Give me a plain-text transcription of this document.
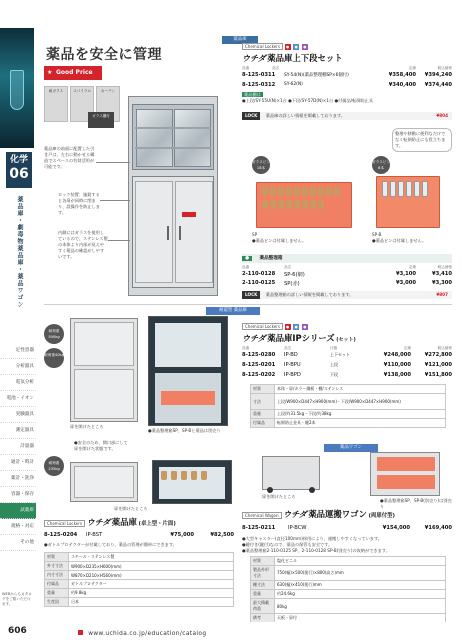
化学
06
薬品庫・劇毒物薬品庫・薬品ワゴン
定性容器
分析器具
電気分析
電池・イオン
実験器具
測定器具
計量器
通計・時計
薬計・洗浄
容器・保存
試薬庫
規格・対応
その他
WEBからもカタログをご覧いただけます。
薬品庫
薬品を安全に管理
★ Good Price
耐ガラス	スパイラル	カーテン
ガラス棚付
薬品庫の前面に配置した引き戸は、左右に動かせる構造でスペースの有効活用が可能です。
ロック装置：施錠すると各扉が同時に閉まり、誤操作を防止します。
内側にはガラスを使用しているので、ステンレス製の本体より内部が見えやすく薬品の確認がしやすいです。
Chemical Lockers ● ● ●
ウチダ 薬品庫上下段セット
品番	品名	定価	税込価格
8-125-0311	SY-54(N)(薬品整理棚SP×6個付)	¥358,400	¥394,240
8-125-0312	SY-62(N)	¥340,400	¥374,440
薬品棚は
●上段/SY-55U(N)×1台 ●下段/SY-57D(N)×1台 ●付属品/転倒防止具
LOCK 薬品庫の詳しい情報を掲載しております。	¥804
ガラスビン18本
ガラスビン6本
整理や移動に便利なだけでなく転倒防止にも役立ちます。
SP
●薬品ビンは付属しません。
SP-B
●薬品ビンは付属しません。
● 薬品整理箱
品番	品名	定価	税込価格
2-110-0128	SP-6(網)	¥3,100	¥3,410
2-110-0125	SP(赤)	¥3,000	¥3,300
LOCK 薬品整理箱の詳しい情報を掲載しております。	¥807
耐震型 薬品庫
耐荷重500kg
耐荷重40kg
扉を開けたところ
●安全のため、開口部にして扉を開けた状態です。
●薬品整理箱SP、SP-Bと薬品は別売り
Chemical Lockers ● ● ●
ウチダ 薬品庫IPシリーズ (セット)
品番	品名	仕様	定価	税込価格
8-125-0280	IP-BD	上下セット	¥248,000	¥272,800
8-125-0201	IP-BPU	上段	¥110,000	¥121,000
8-125-0202	IP-BPD	下段	¥138,000	¥151,800
材質	本体・扉/カラー鋼板・棚/ステンレス
寸法	上段/W900×D447×H900(mm)・下段/W900×D447×H900(mm)
重量	上段/約31.5kg・下段/約38kg
付属品	転倒防止金具・鍵2本
耐荷重235kg
扉を開けたところ
Chemical Lockers ウチダ 薬品庫 (卓上型・片面)
8-125-0204	IP-BST	¥75,000	¥82,500
●ガトルプロテクターが付属しており、薬品の管理が簡単にできます。
材質	スチール・ステンレス製
外寸寸法	W900×D235×H600(mm)
内寸寸法	W870×D210×H560(mm)
付属品	ガトルプロテクター
重量	約9.8kg
生産国	日本
薬品ワゴン
扉を開けたところ
●薬品整理箱SP、SP-B(別売り)は別売り
Chemical Wagon ウチダ 薬品運搬ワゴン (両扉付型)
8-125-0211	IP-BCW	¥154,000	¥169,400
●大型キャスター(直径100mm)採用により、運搬しやすくなっています。
●鍵付き(鍵付)なので、薬品の保管も安全です。
●薬品整理箱2-110-0125 SP、2-110-0128 SP-B(別売り)の収納ができます。
材質	塩化ビニル
製品外形寸法	750(幅)×500(奥行)×800(高さ)mm
棚寸法	630(幅)×410(奥行)mm
重量	約24.6kg
最大積載荷重	80kg
備考	天板・扉付
606	www.uchida.co.jp/education/catalog
